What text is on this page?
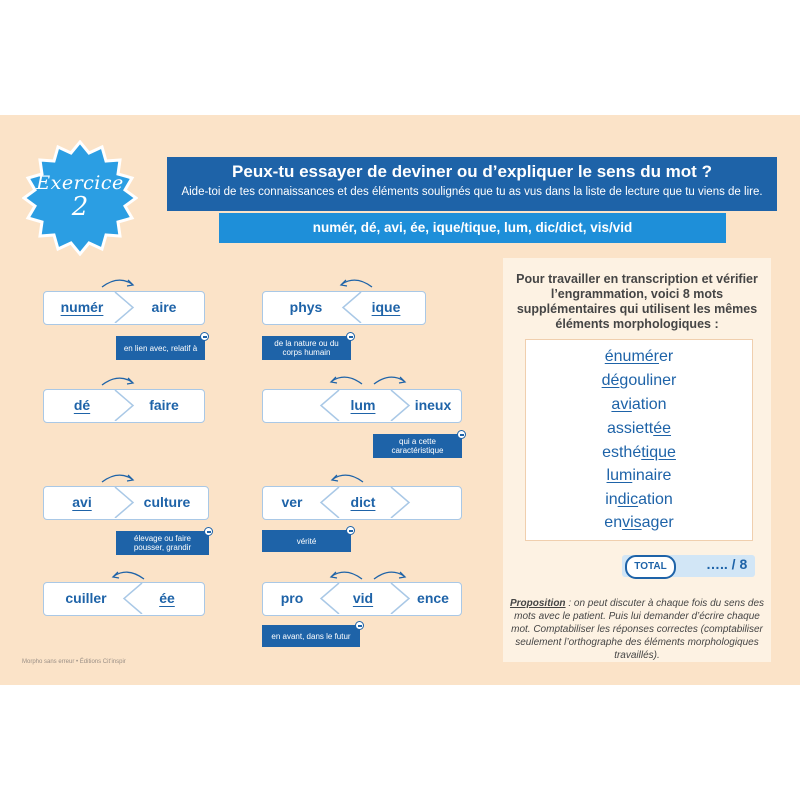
Exercice
2
Peux-tu essayer de deviner ou d’expliquer le sens du mot ?
Aide-toi de tes connaissances et des éléments soulignés que tu as vus dans la liste de lecture que tu viens de lire.
numér, dé, avi, ée, ique/tique, lum, dic/dict, vis/vid
numér	aire
en lien avec, relatif à
phys	ique
de la nature ou du corps humain
dé	faire	lum	ineux
qui a cette caractéristique
avi	culture
élevage ou faire pousser, grandir
ver	dict
vérité
cuiller	ée	pro	vid	ence
en avant, dans le futur
Pour travailler en transcription et vérifier l’engrammation, voici 8 mots supplémentaires qui utilisent les mêmes éléments morphologiques :
énumérer
dégouliner
aviation
assiettée
esthétique
luminaire
indication
envisager
TOTAL	….. / 8
Proposition : on peut discuter à chaque fois du sens des mots avec le patient. Puis lui demander d’écrire chaque mot. Comptabiliser les réponses correctes (comptabiliser seulement l’orthographe des éléments morphologiques travaillés).
Morpho sans erreur • Éditions Cit’inspir
